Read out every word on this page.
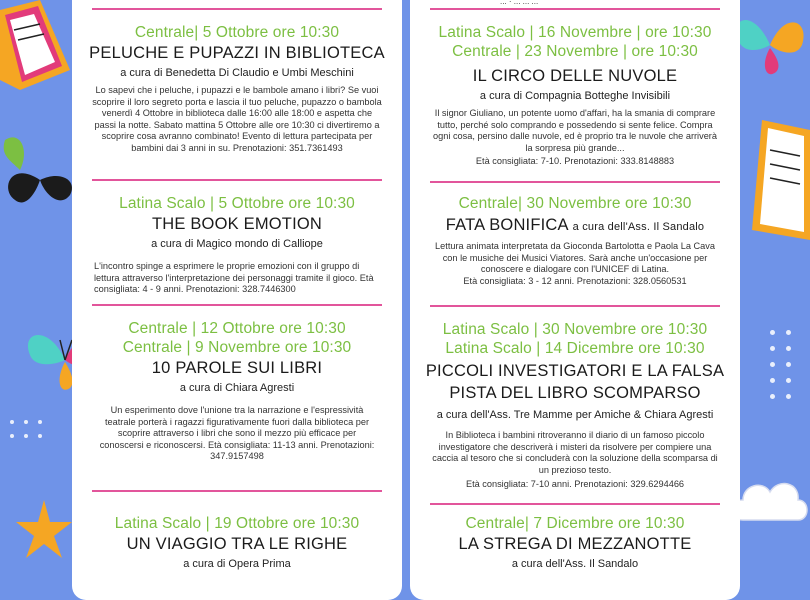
Centrale| 5 Ottobre ore 10:30
PELUCHE E PUPAZZI IN BIBLIOTECA
a cura di Benedetta Di Claudio e Umbi Meschini
Lo sapevi che i peluche, i pupazzi e le bambole amano i libri? Se vuoi scoprire il loro segreto porta e lascia il tuo peluche, pupazzo o bambola venerdì 4 Ottobre in biblioteca dalle 16:00 alle 18:00 e aspetta che passi la notte. Sabato mattina 5 Ottobre alle ore 10:30 ci divertiremo a scoprire cosa avranno combinato! Evento di lettura partecipata per bambini dai 3 anni in su. Prenotazioni: 351.7361493
Latina Scalo | 5 Ottobre ore 10:30
THE BOOK EMOTION
a cura di Magico mondo di Calliope
L'incontro spinge a esprimere le proprie emozioni con il gruppo di lettura attraverso l'interpretazione dei personaggi tramite il gioco. Età consigliata: 4 - 9 anni. Prenotazioni: 328.7446300
Centrale | 12 Ottobre ore 10:30
Centrale | 9 Novembre ore 10:30
10 PAROLE SUI LIBRI
a cura di Chiara Agresti
Un esperimento dove l'unione tra la narrazione e l'espressività teatrale porterà i ragazzi figurativamente fuori dalla biblioteca per scoprire attraverso i libri che sono il mezzo più efficace per conoscersi e riconoscersi. Età consigliata: 11-13 anni. Prenotazioni: 347.9157498
Latina Scalo | 19 Ottobre ore 10:30
UN VIAGGIO TRA LE RIGHE
a cura di Opera Prima
Latina Scalo | 16 Novembre | ore 10:30
Centrale | 23 Novembre | ore 10:30
IL CIRCO DELLE NUVOLE
a cura di Compagnia Botteghe Invisibili
Il signor Giuliano, un potente uomo d'affari, ha la smania di comprare tutto, perché solo comprando e possedendo si sente felice. Compra ogni cosa, persino dalle nuvole, ed è proprio tra le nuvole che arriverà la sorpresa più grande...
Età consigliata: 7-10. Prenotazioni: 333.8148883
Centrale| 30 Novembre ore 10:30
FATA BONIFICA a cura dell'Ass. Il Sandalo
Lettura animata interpretata da Gioconda Bartolotta e Paola La Cava con le musiche dei Musici Viatores. Sarà anche un'occasione per conoscere e dialogare con l'UNICEF di Latina.
Età consigliata: 3 - 12 anni. Prenotazioni: 328.0560531
Latina Scalo | 30 Novembre ore 10:30
Latina Scalo | 14 Dicembre ore 10:30
PICCOLI INVESTIGATORI E LA FALSA
PISTA DEL LIBRO SCOMPARSO
a cura dell'Ass. Tre Mamme per Amiche & Chiara Agresti
In Biblioteca i bambini ritroveranno il diario di un famoso piccolo investigatore che descriverà i misteri da risolvere per compiere una caccia al tesoro che si concluderà con la soluzione della scomparsa di un prezioso testo.
Età consigliata: 7-10 anni. Prenotazioni: 329.6294466
Centrale| 7 Dicembre ore 10:30
LA STREGA DI MEZZANOTTE
a cura dell'Ass. Il Sandalo
... · ... ... ...
